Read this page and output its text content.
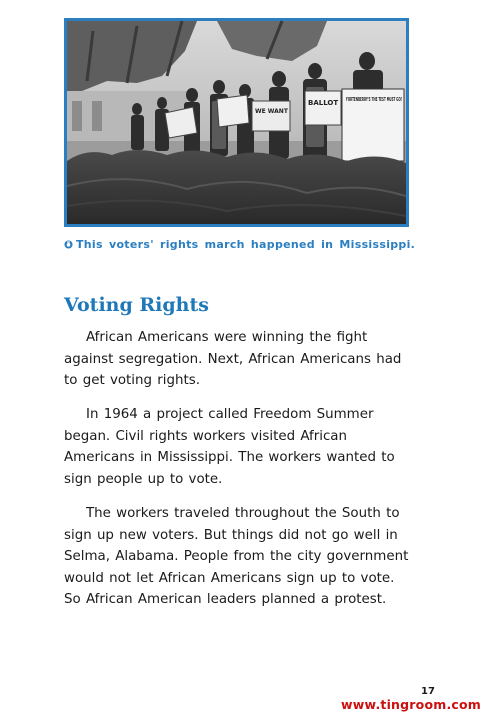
BALLOT
WE WANT
FORTENBERRY'S THE TEST MUST GO!
This voters' rights march happened in Mississippi.
Voting Rights

African Americans were winning the fight against segregation. Next, African Americans had to get voting rights.

In 1964 a project called Freedom Summer began. Civil rights workers visited African Americans in Mississippi. The workers wanted to sign people up to vote.

The workers traveled throughout the South to sign up new voters. But things did not go well in Selma, Alabama. People from the city government would not let African Americans sign up to vote. So African American leaders planned a protest.

17
www.tingroom.com
